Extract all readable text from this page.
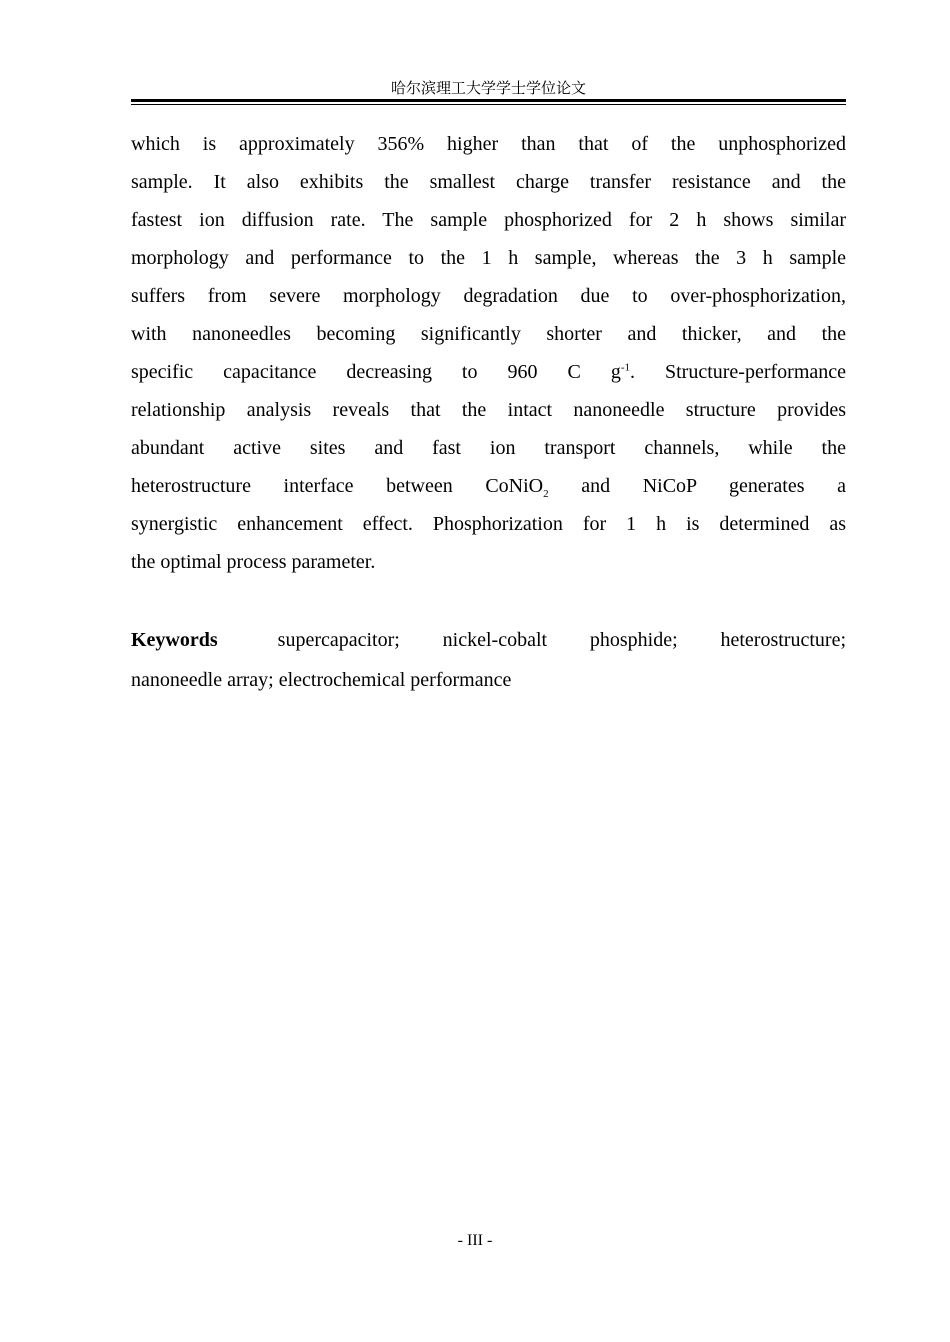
哈尔滨理工大学学士学位论文
which is approximately 356% higher than that of the unphosphorized
sample. It also exhibits the smallest charge transfer resistance and the
fastest ion diffusion rate. The sample phosphorized for 2 h shows similar
morphology and performance to the 1 h sample, whereas the 3 h sample
suffers from severe morphology degradation due to over-phosphorization,
with nanoneedles becoming significantly shorter and thicker, and the
specific capacitance decreasing to 960 C $g^{-1}$. Structure-performance
relationship analysis reveals that the intact nanoneedle structure provides
abundant active sites and fast ion transport channels, while the
heterostructure interface between CoNiO$_2$ and NiCoP generates a
synergistic enhancement effect. Phosphorization for 1 h is determined as
the optimal process parameter.
Keywords	supercapacitor; nickel-cobalt phosphide; heterostructure;
nanoneedle array; electrochemical performance
- III -
